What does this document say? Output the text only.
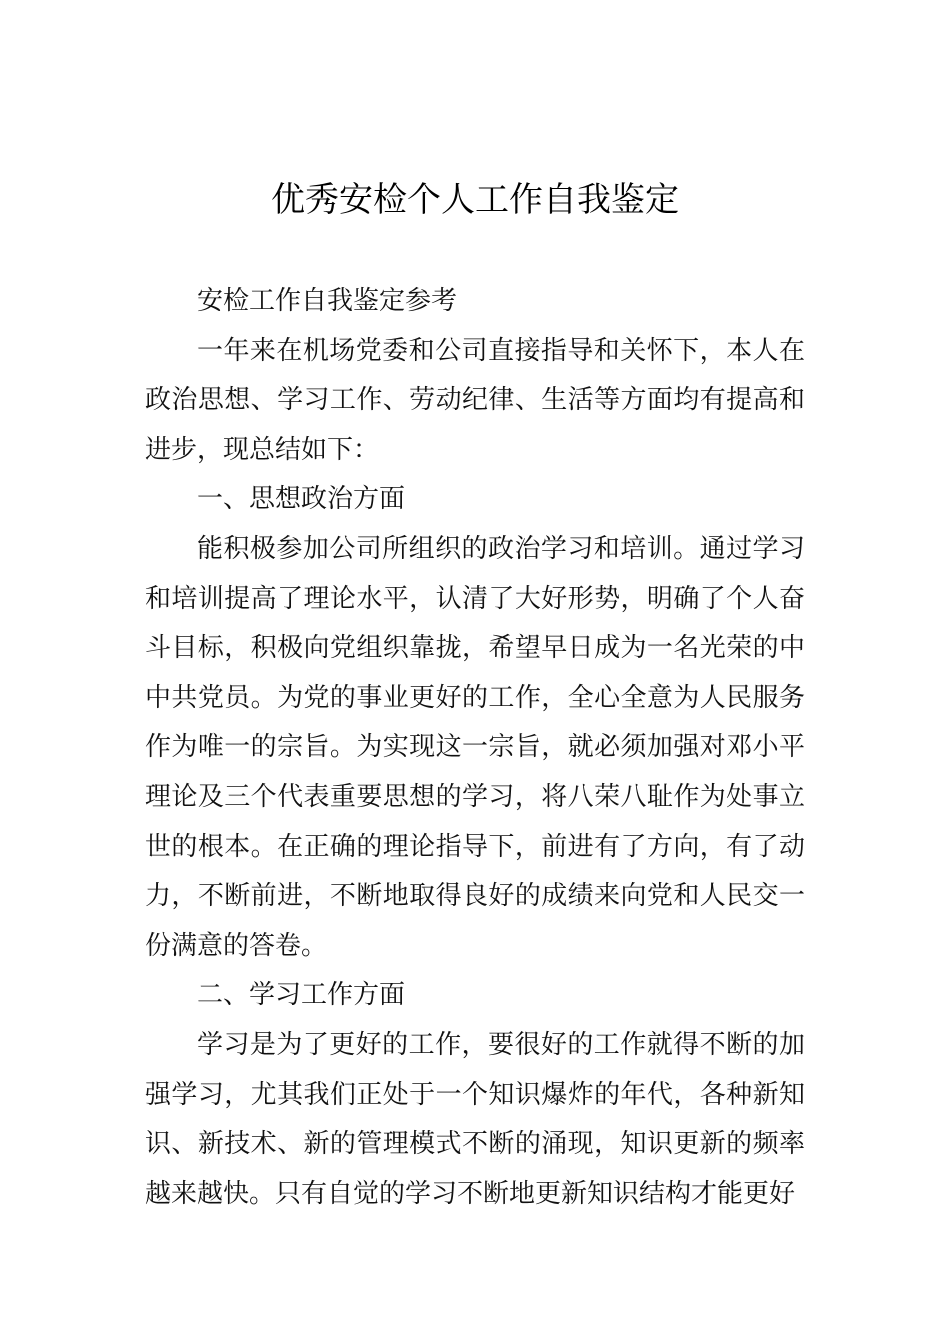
优秀安检个人工作自我鉴定

安检工作自我鉴定参考

一年来在机场党委和公司直接指导和关怀下，本人在政治思想、学习工作、劳动纪律、生活等方面均有提高和进步，现总结如下：

一、思想政治方面

能积极参加公司所组织的政治学习和培训。通过学习和培训提高了理论水平，认清了大好形势，明确了个人奋斗目标，积极向党组织靠拢，希望早日成为一名光荣的中中共党员。为党的事业更好的工作，全心全意为人民服务作为唯一的宗旨。为实现这一宗旨，就必须加强对邓小平理论及三个代表重要思想的学习，将八荣八耻作为处事立世的根本。在正确的理论指导下，前进有了方向，有了动力，不断前进，不断地取得良好的成绩来向党和人民交一份满意的答卷。

二、学习工作方面

学习是为了更好的工作，要很好的工作就得不断的加强学习，尤其我们正处于一个知识爆炸的年代，各种新知识、新技术、新的管理模式不断的涌现，知识更新的频率越来越快。只有自觉的学习不断地更新知识结构才能更好
